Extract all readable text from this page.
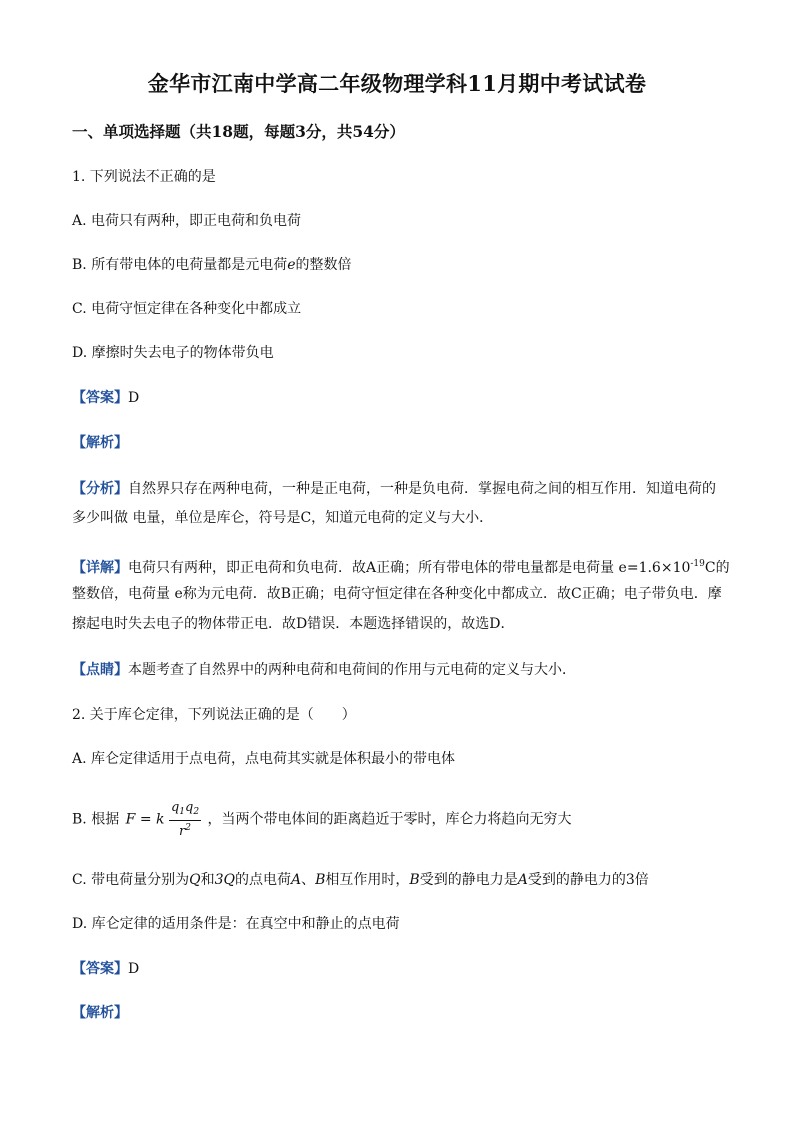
金华市江南中学高二年级物理学科11月期中考试试卷
一、单项选择题（共18题，每题3分，共54分）
1. 下列说法不正确的是
A. 电荷只有两种，即正电荷和负电荷
B. 所有带电体的电荷量都是元电荷e的整数倍
C. 电荷守恒定律在各种变化中都成立
D. 摩擦时失去电子的物体带负电
【答案】D
【解析】
【分析】自然界只存在两种电荷，一种是正电荷，一种是负电荷．掌握电荷之间的相互作用．知道电荷的
多少叫做 电量，单位是库仑，符号是C，知道元电荷的定义与大小．
【详解】电荷只有两种，即正电荷和负电荷．故A正确；所有带电体的带电量都是电荷量 $e=1.6\times 10^{-19}C$的
整数倍，电荷量 e称为元电荷．故B正确；电荷守恒定律在各种变化中都成立．故C正确；电子带负电．摩
擦起电时失去电子的物体带正电．故D错误．本题选择错误的，故选D．
【点睛】本题考查了自然界中的两种电荷和电荷间的作用与元电荷的定义与大小．
2. 关于库仑定律，下列说法正确的是（　　）
A. 库仑定律适用于点电荷，点电荷其实就是体积最小的带电体
B. 根据 F = k $\frac{q_1q_2}{r^2}$ ，当两个带电体间的距离趋近于零时，库仑力将趋向无穷大
C. 带电荷量分别为Q和3Q的点电荷A、B相互作用时，B受到的静电力是A受到的静电力的3倍
D. 库仑定律的适用条件是：在真空中和静止的点电荷
【答案】D
【解析】
